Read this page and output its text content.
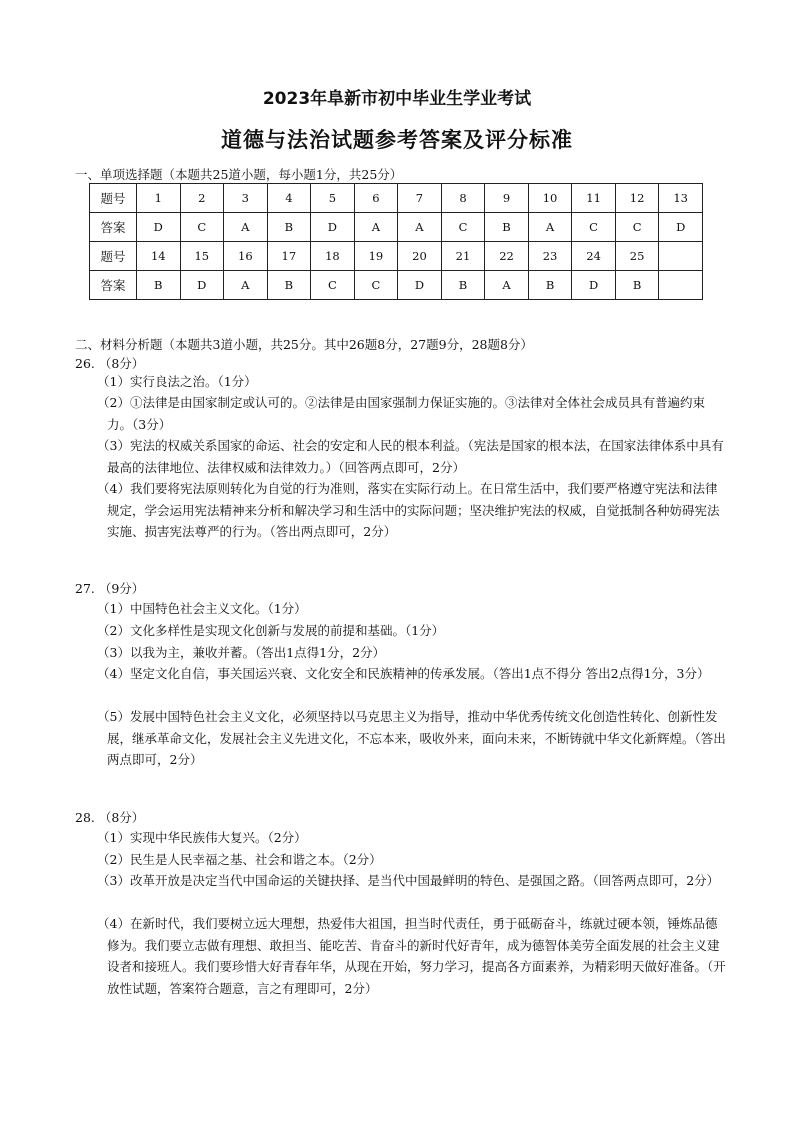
2023年阜新市初中毕业生学业考试
道德与法治试题参考答案及评分标准
一、单项选择题（本题共25道小题，每小题1分，共25分）
题号	1	2	3	4	5	6	7	8	9	10	11	12	13
答案	D	C	A	B	D	A	A	C	B	A	C	C	D
题号	14	15	16	17	18	19	20	21	22	23	24	25	
答案	B	D	A	B	C	C	D	B	A	B	D	B	
二、材料分析题（本题共3道小题，共25分。其中26题8分，27题9分，28题8分）
26. （8分）
（1）实行良法之治。（1分）
（2）①法律是由国家制定或认可的。②法律是由国家强制力保证实施的。③法律对全体社会成员具有普遍约束力。（3分）
（3）宪法的权威关系国家的命运、社会的安定和人民的根本利益。（宪法是国家的根本法，在国家法律体系中具有最高的法律地位、法律权威和法律效力。）（回答两点即可，2分）
（4）我们要将宪法原则转化为自觉的行为准则，落实在实际行动上。在日常生活中，我们要严格遵守宪法和法律规定，学会运用宪法精神来分析和解决学习和生活中的实际问题；坚决维护宪法的权威，自觉抵制各种妨碍宪法实施、损害宪法尊严的行为。（答出两点即可，2分）
27. （9分）
（1）中国特色社会主义文化。（1分）
（2）文化多样性是实现文化创新与发展的前提和基础。（1分）
（3）以我为主，兼收并蓄。（答出1点得1分，2分）
（4）坚定文化自信，事关国运兴衰、文化安全和民族精神的传承发展。（答出1点不得分 答出2点得1分，3分）
（5）发展中国特色社会主义文化，必须坚持以马克思主义为指导，推动中华优秀传统文化创造性转化、创新性发展，继承革命文化，发展社会主义先进文化，不忘本来，吸收外来，面向未来，不断铸就中华文化新辉煌。（答出两点即可，2分）
28. （8分）
（1）实现中华民族伟大复兴。（2分）
（2）民生是人民幸福之基、社会和谐之本。（2分）
（3）改革开放是决定当代中国命运的关键抉择、是当代中国最鲜明的特色、是强国之路。（回答两点即可，2分）
（4）在新时代，我们要树立远大理想，热爱伟大祖国，担当时代责任，勇于砥砺奋斗，练就过硬本领，锤炼品德修为。我们要立志做有理想、敢担当、能吃苦、肯奋斗的新时代好青年，成为德智体美劳全面发展的社会主义建设者和接班人。我们要珍惜大好青春年华，从现在开始，努力学习，提高各方面素养，为精彩明天做好准备。（开放性试题，答案符合题意，言之有理即可，2分）
